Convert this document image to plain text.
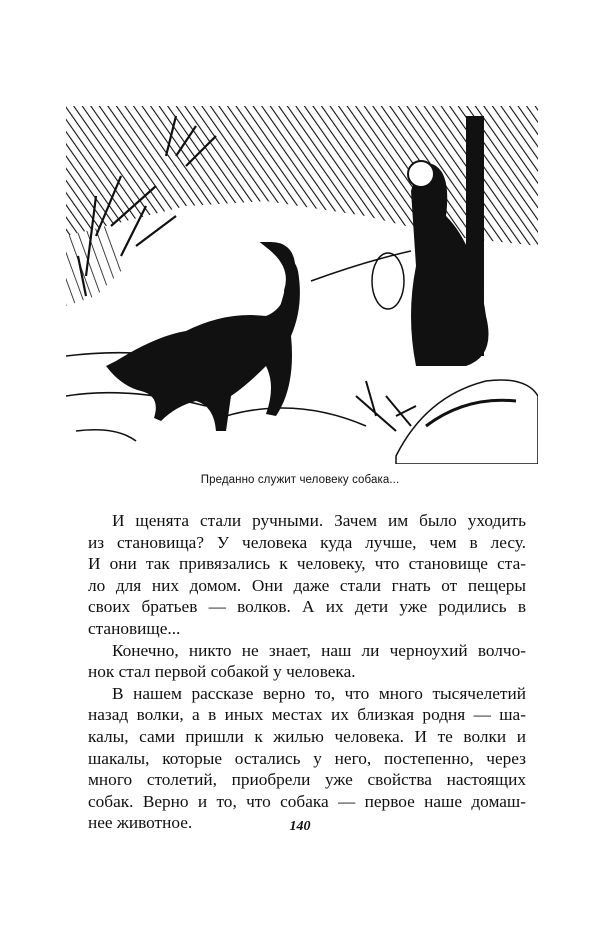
Преданно служит человеку собака...
И щенята стали ручными. Зачем им было уходить
из становища? У человека куда лучше, чем в лесу.
И они так привязались к человеку, что становище ста-
ло для них домом. Они даже стали гнать от пещеры
своих братьев — волков. А их дети уже родились в
становище...
Конечно, никто не знает, наш ли черноухий волчо-
нок стал первой собакой у человека.
В нашем рассказе верно то, что много тысячелетий
назад волки, а в иных местах их близкая родня — ша-
калы, сами пришли к жилью человека. И те волки и
шакалы, которые остались у него, постепенно, через
много столетий, приобрели уже свойства настоящих
собак. Верно и то, что собака — первое наше домаш-
нее животное.	140
